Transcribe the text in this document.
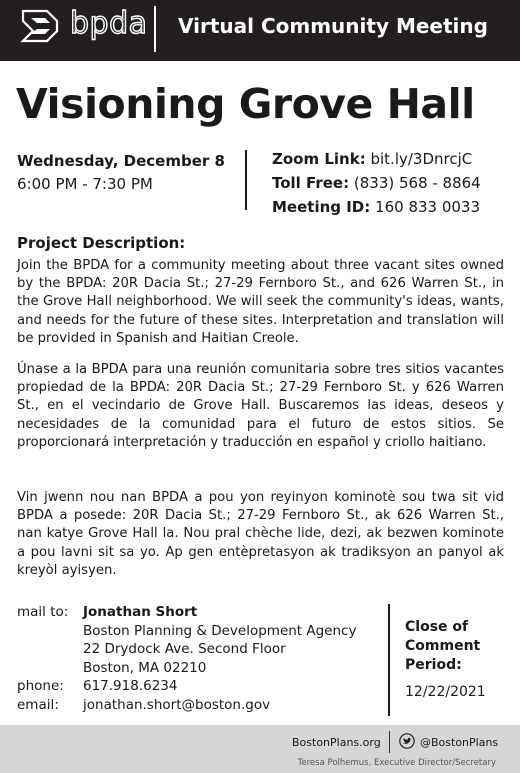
bpda Virtual Community Meeting
Visioning Grove Hall
Wednesday, December 8
6:00 PM - 7:30 PM
Zoom Link: bit.ly/3DnrcjC
Toll Free: (833) 568 - 8864
Meeting ID: 160 833 0033
Project Description:

Join the BPDA for a community meeting about three vacant sites owned by the BPDA: 20R Dacia St.; 27-29 Fernboro St., and 626 Warren St., in the Grove Hall neighborhood. We will seek the community's ideas, wants, and needs for the future of these sites. Interpretation and translation will be provided in Spanish and Haitian Creole.

Únase a la BPDA para una reunión comunitaria sobre tres sitios vacantes propiedad de la BPDA: 20R Dacia St.; 27-29 Fernboro St. y 626 Warren St., en el vecindario de Grove Hall. Buscaremos las ideas, deseos y necesidades de la comunidad para el futuro de estos sitios. Se proporcionará interpretación y traducción en español y criollo haitiano.

Vin jwenn nou nan BPDA a pou yon reyinyon kominotè sou twa sit vid BPDA a posede: 20R Dacia St.; 27-29 Fernboro St., ak 626 Warren St., nan katye Grove Hall la. Nou pral chèche lide, dezi, ak bezwen kominote a pou lavni sit sa yo. Ap gen entèpretasyon ak tradiksyon an panyol ak kreyòl ayisyen.

mail to:	Jonathan Short
Boston Planning & Development Agency
22 Drydock Ave. Second Floor
Boston, MA 02210
phone:	617.918.6234
email:	jonathan.short@boston.gov
Close of
Comment
Period:
12/22/2021
BostonPlans.org	@BostonPlans
Teresa Polhemus, Executive Director/Secretary
